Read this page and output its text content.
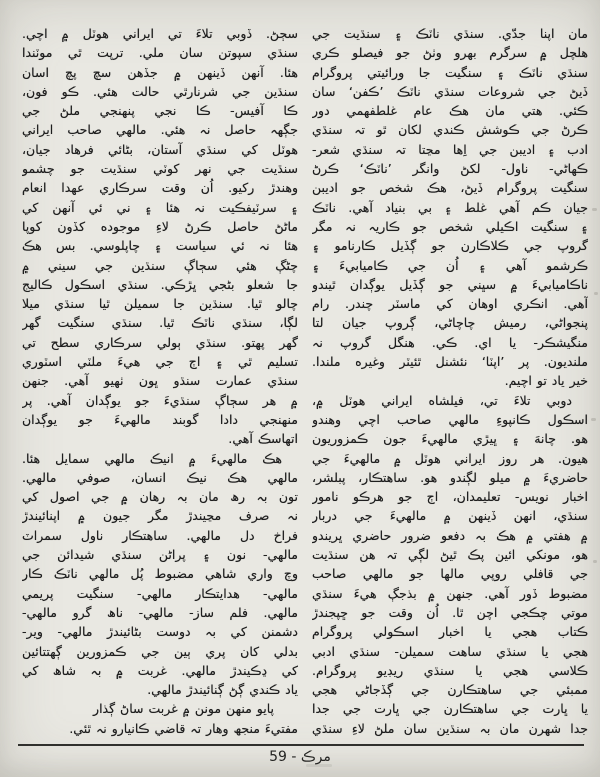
مان اپنا جدّي. سنڌي ناٽڪ ۽ سنڌيت جي
هلچل ۾ سرگرم بهرو وٺڻ جو فيصلو ڪري
سنڌي ناٽڪ ۽ سنگيت جا ورائيتي پروگرام
ڏيڻ جي شروعات سنڌي ناٽڪ ’ڪفن‘ سان
ڪئي. هتي مان هڪ عام غلطفهمي دور
ڪرڻ جي ڪوشش ڪندي لکان ٿو تہ سنڌي
ادب ۽ اديبن جي اِها مڃتا تہ سنڌي شعر-
ڪهاڻي- ناول- لکڻ وانگر ’ناٽڪ‘ ڪرڻ
سنگيت پروگرام ڏيڻ، هڪ شخص جو اديبن
جيان ڪم آهي غلط ۽ بي بنياد آهي. ناٽڪ
۽ سنگيت اڪيلي شخص جو ڪاريہ نہ مگر
گروپ جي ڪلاڪارن جو ڳڏيل ڪارنامو ۽
ڪرشمو آهي ۽ اُن جي ڪاميابيءَ ۽
ناڪاميابيءَ ۾ سڀني جو ڳڏيل يوڳدان ٿيندو
آهي. انڪري اوهان کي ماسٽر چندر. رام
پنجواڻي، رميش چاچاڻي، ڳروپ جيان لتا
منگيشڪر- يا اي. ڪي. هنگل گروپ نہ
ملنديون. پر ’اپٽا‘ نئشنل ٿئيٽر وغيره ملندا.
خير ياد تو اچيم.
دوبي تلاءَ تي، فيلشاه ايراني هوٽل ۾،
اسڪول ڪانپوءِ مالهي صاحب اچي وهندو
هو. چانهَ ۽ ڀيڙي مالهيءَ جون ڪمزوريون
هيون. هر روز ايراني هوٽل ۾ مالهيءَ جي
حاضريءَ ۾ ميلو لڳندو هو. ساهتڪار، پبلشر،
اخبار نويس- تعليمدان، اڄ جو هرڪو نامور
سنڌي، انهن ڏينهن ۾ مالهيءَ جي دربار
۾ هفتي ۾ هڪ بہ دفعو ضرور حاضري ڀريندو
هو، مونکي ائين پڪ ٿيڻ لڳي تہ هن سنڌيت
جي قافلي روپي مالها جو مالهي صاحب
مضبوط ڏور آهي. جنهن ۾ بذجڳ هيءَ سنڌي
موتي چڪجي اچن ٿا. اُن وقت جو ڇپجندڙ
ڪتاب هجي يا اخبار اسڪولي پروگرام
هجي يا سنڌي ساهت سميلن- سنڌي ادبي
ڪلاسي هجي يا سنڌي ريڊيو پروگرام.
ممبئي جي ساهتڪارن جي ڳڏجاڻي هجي
يا ڀارت جي ساهتڪارن جي ڀارت جي جدا
جدا شهرن مان بہ سنڌين سان ملڻ لاءِ سنڌي
سڄڻ. ڏوبي تلاءَ تي ايراني هوٽل ۾ اچي.
سنڌي سپوتن سان ملي. ترپت ٿي موٽندا
هئا. آنهن ڏينهن ۾ جڏهن سچ پچ اسان
سنڌين جي شرنارٿي حالت هئي. ڪو فون،
ڪا آفيس- ڪا نجي پنهنجي ملڻ جي
جڳهہ حاصل نہ هئي. مالهي صاحب ايراني
هوٽل کي سنڌي آستان، بڻائي فرهاد جيان،
سنڌيت جي نهر کوٽي سنڌيت جو چشمو
وهندڙ رکيو. اُن وقت سرڪاري عهدا انعام
۽ سرٽيفڪيت نہ هئا ۽ ني ئي آنهن کي
ماڻڻ حاصل ڪرڻ لاءِ موجوده کڏون کوپا
هئا نہ ئي سياست ۽ چاپلوسي. بس هڪ
چڻڳ هئي سڄاڳ سنڌين جي سيني ۾
جا شعلو بڻجي ڀڙڪي. سنڌي اسڪول ڪاليج
چالو ٿيا. سنڌين جا سميلن ٿيا سنڌي ميلا
لڳا، سنڌي ناٽڪ ٿيا. سنڌي سنگيت گهر
گهر پهتو. سنڌي ٻولي سرڪاري سطح تي
تسليم ٿي ۽ اڄ جي هيءَ ملٽي اسٽوري
سنڌي عمارت سنڌو ڀون ٺهيو آهي. جنهن
۾ هر سڄاڳ سنڌيءَ جو يوڳدان آهي. پر
منهنجي دادا گوبند مالهيءَ جو يوڳدان
اتهاسڪ آهي.
هڪ مالهيءَ ۾ انيڪ مالهي سمايل هئا.
مالهي هڪ نيڪ انسان، صوفي مالهي.
تون بہ رھ مان بہ رھان ۾ جي اصول کي
نہ صرف مڃيندڙ مگر جيون ۾ اپنائيندڙ
فراخ دل مالهي. ساهتڪار ناول سمراٽ
مالهي- نون ۽ پراڻن سنڌي شيدائن جي
وچ واري شاهي مضبوط پُل مالهي ناٽڪ ڪار
مالهي- هدايتڪار مالهي- سنگيت پريمي
مالهي. فلم ساز- مالهي- ناھ گرو مالهي-
دشمنن کي بہ دوست بڻائيندڙ مالهي- وير-
بدلي کان پري ٻين جي ڪمزورين ڳهتتائين
کي ڍڪيندڙ مالهي. غربت ۾ بہ شاھ کي
ياد ڪندي ڳڻ ڳنائيندڙ مالهي.
پايو منهن مونن ۾ غربت ساڻ ڳذار
مفتيءَ منجھ وھار تہ قاضي ڪانيارو نہ ٿئي.
مرڪ - 59
